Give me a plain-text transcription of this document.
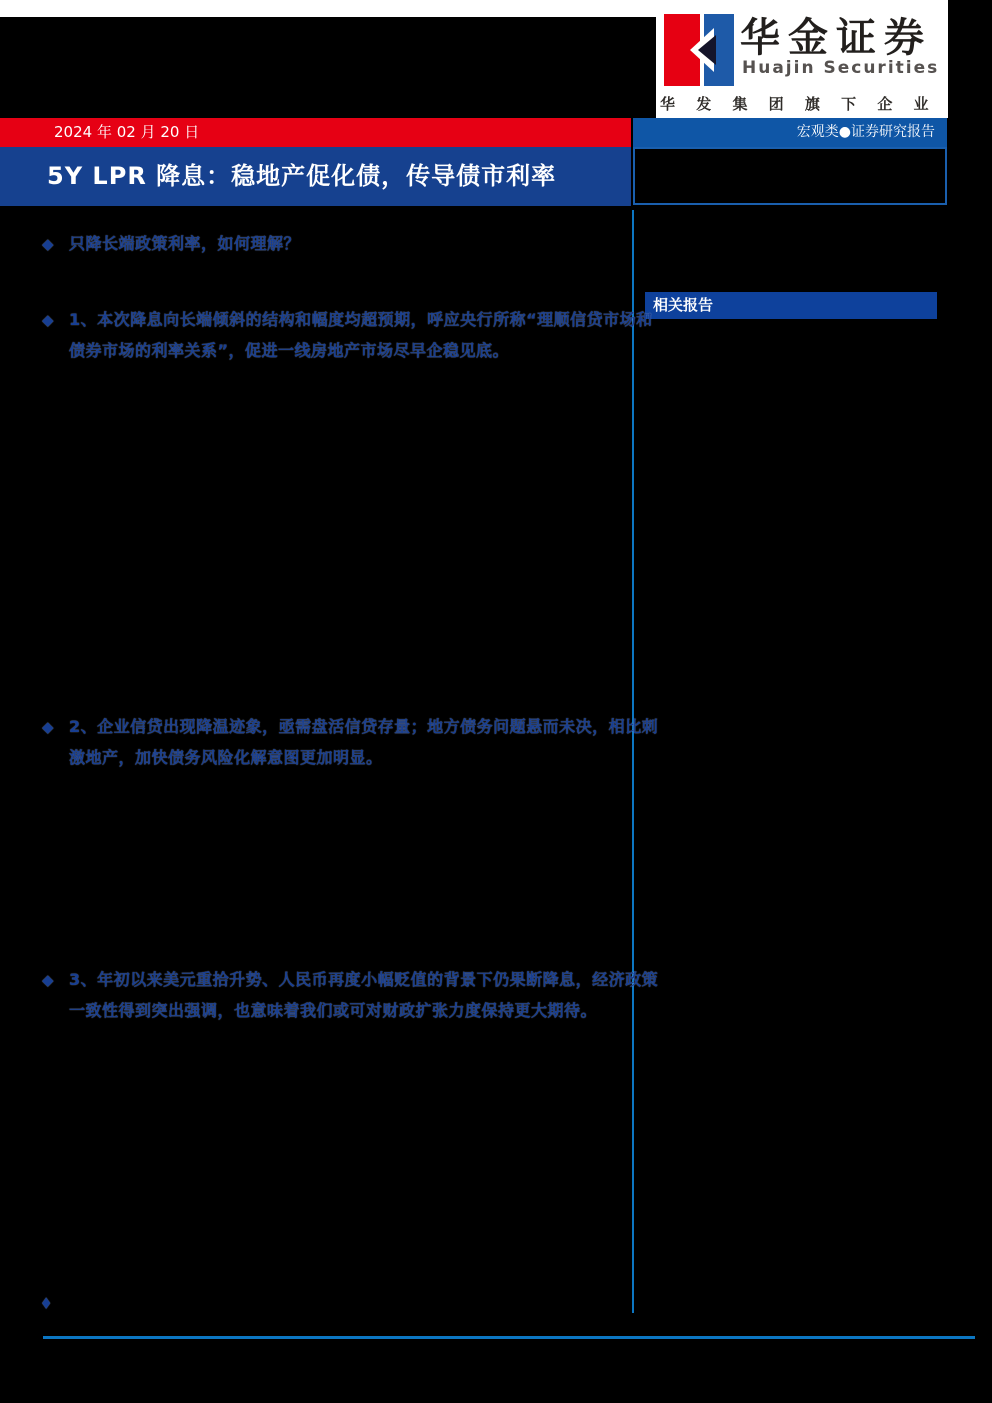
华金证券
Huajin Securities
华 发 集 团 旗 下 企 业
2024 年 02 月 20 日	宏观类●证券研究报告
5Y LPR 降息：稳地产促化债，传导债市利率
相关报告
◆ 只降长端政策利率，如何理解？
◆ 1、本次降息向长端倾斜的结构和幅度均超预期，呼应央行所称“理顺信贷市场和
债券市场的利率关系”，促进一线房地产市场尽早企稳见底。
◆ 2、企业信贷出现降温迹象，亟需盘活信贷存量；地方债务问题悬而未决，相比刺
激地产，加快债务风险化解意图更加明显。
◆ 3、年初以来美元重拾升势、人民币再度小幅贬值的背景下仍果断降息，经济政策
一致性得到突出强调，也意味着我们或可对财政扩张力度保持更大期待。
◆
